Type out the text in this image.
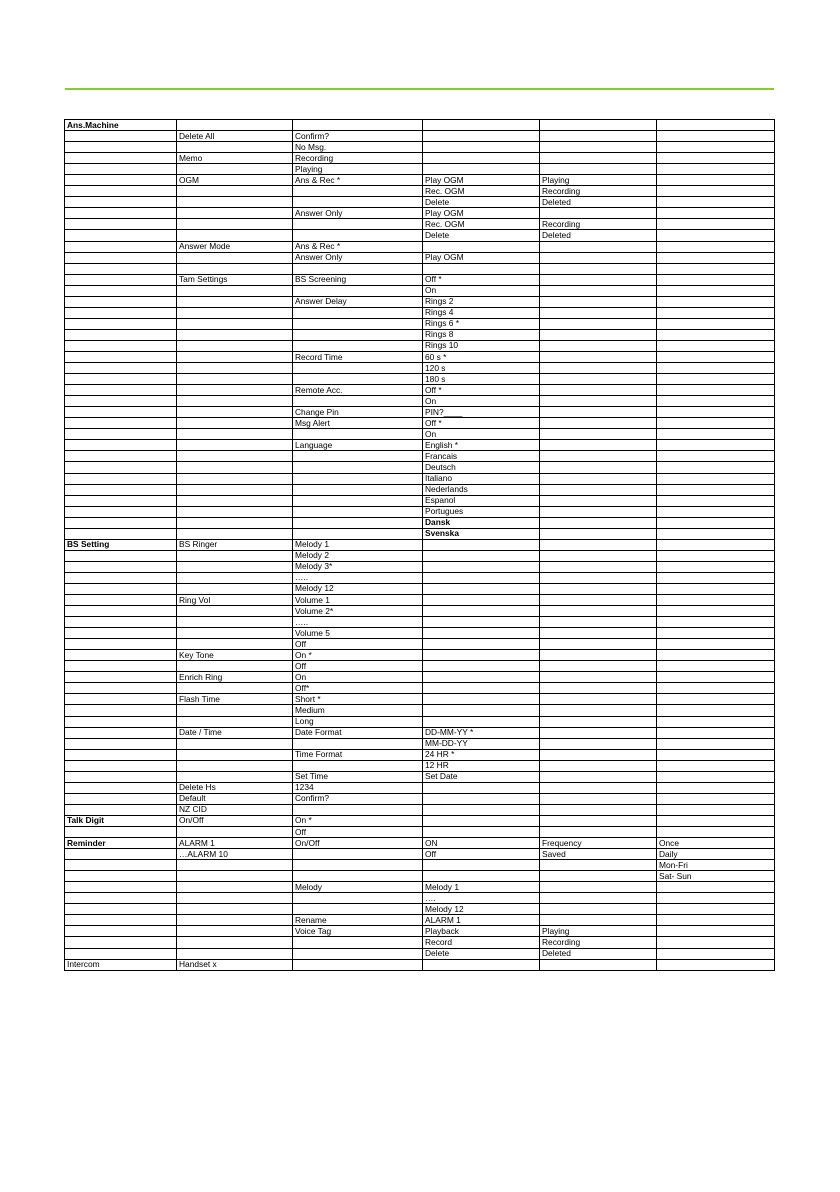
Ans.Machine					
	Delete All	Confirm?			
		No Msg.			
	Memo	Recording			
		Playing			
	OGM	Ans & Rec *	Play OGM	Playing	
			Rec. OGM	Recording	
			Delete	Deleted	
		Answer Only	Play OGM		
			Rec. OGM	Recording	
			Delete	Deleted	
	Answer Mode	Ans & Rec *			
		Answer Only	Play OGM		

	Tam Settings	BS Screening	Off *		
			On		
		Answer Delay	Rings 2		
			Rings 4		
			Rings 6 *		
			Rings 8		
			Rings 10		
		Record Time	60 s *		
			120 s		
			180 s		
		Remote Acc.	Off *		
			On		
		Change Pin	PIN?____		
		Msg Alert	Off *		
			On		
		Language	English *		
			Francais		
			Deutsch		
			Italiano		
			Nederlands		
			Espanol		
			Portugues		
			Dansk		
			Svenska		
BS Setting	BS Ringer	Melody 1			
		Melody 2			
		Melody 3*			
		…..			
		Melody 12			
	Ring Vol	Volume 1			
		Volume 2*			
		…..			
		Volume 5			
		Off			
	Key Tone	On *			
		Off			
	Enrich Ring	On			
		Off*			
	Flash Time	Short *			
		Medium			
		Long			
	Date / Time	Date Format	DD-MM-YY *		
			MM-DD-YY		
		Time Format	24 HR *		
			12 HR		
		Set Time	Set Date		
	Delete Hs	1234			
	Default	Confirm?			
	NZ CID				
Talk Digit	On/Off	On *			
		Off			
Reminder	ALARM 1	On/Off	ON	Frequency	Once
	…ALARM 10		Off	Saved	Daily
					Mon-Fri
					Sat- Sun
		Melody	Melody 1		
			….		
			Melody 12		
		Rename	ALARM 1		
		Voice Tag	Playback	Playing	
			Record	Recording	
			Delete	Deleted	
Intercom	Handset x				
